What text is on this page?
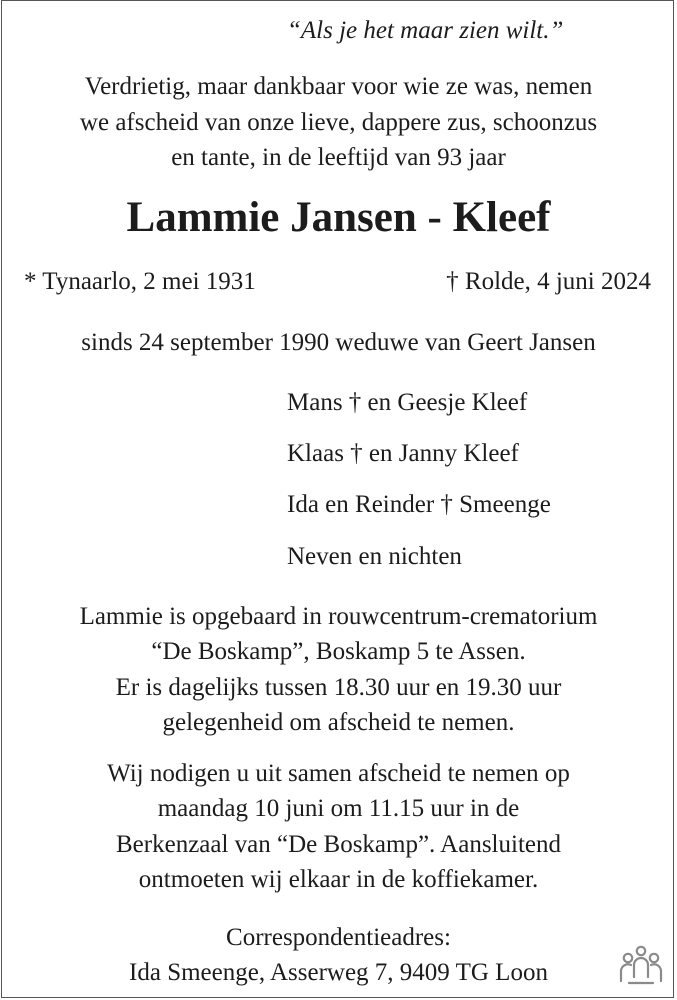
“Als je het maar zien wilt.”
Verdrietig, maar dankbaar voor wie ze was, nemen
we afscheid van onze lieve, dappere zus, schoonzus
en tante, in de leeftijd van 93 jaar
Lammie Jansen - Kleef
* Tynaarlo, 2 mei 1931	† Rolde, 4 juni 2024
sinds 24 september 1990 weduwe van Geert Jansen
Mans † en Geesje Kleef
Klaas † en Janny Kleef
Ida en Reinder † Smeenge
Neven en nichten
Lammie is opgebaard in rouwcentrum-crematorium
“De Boskamp”, Boskamp 5 te Assen.
Er is dagelijks tussen 18.30 uur en 19.30 uur
gelegenheid om afscheid te nemen.
Wij nodigen u uit samen afscheid te nemen op
maandag 10 juni om 11.15 uur in de
Berkenzaal van “De Boskamp”. Aansluitend
ontmoeten wij elkaar in de koffiekamer.
Correspondentieadres:
Ida Smeenge, Asserweg 7, 9409 TG Loon
